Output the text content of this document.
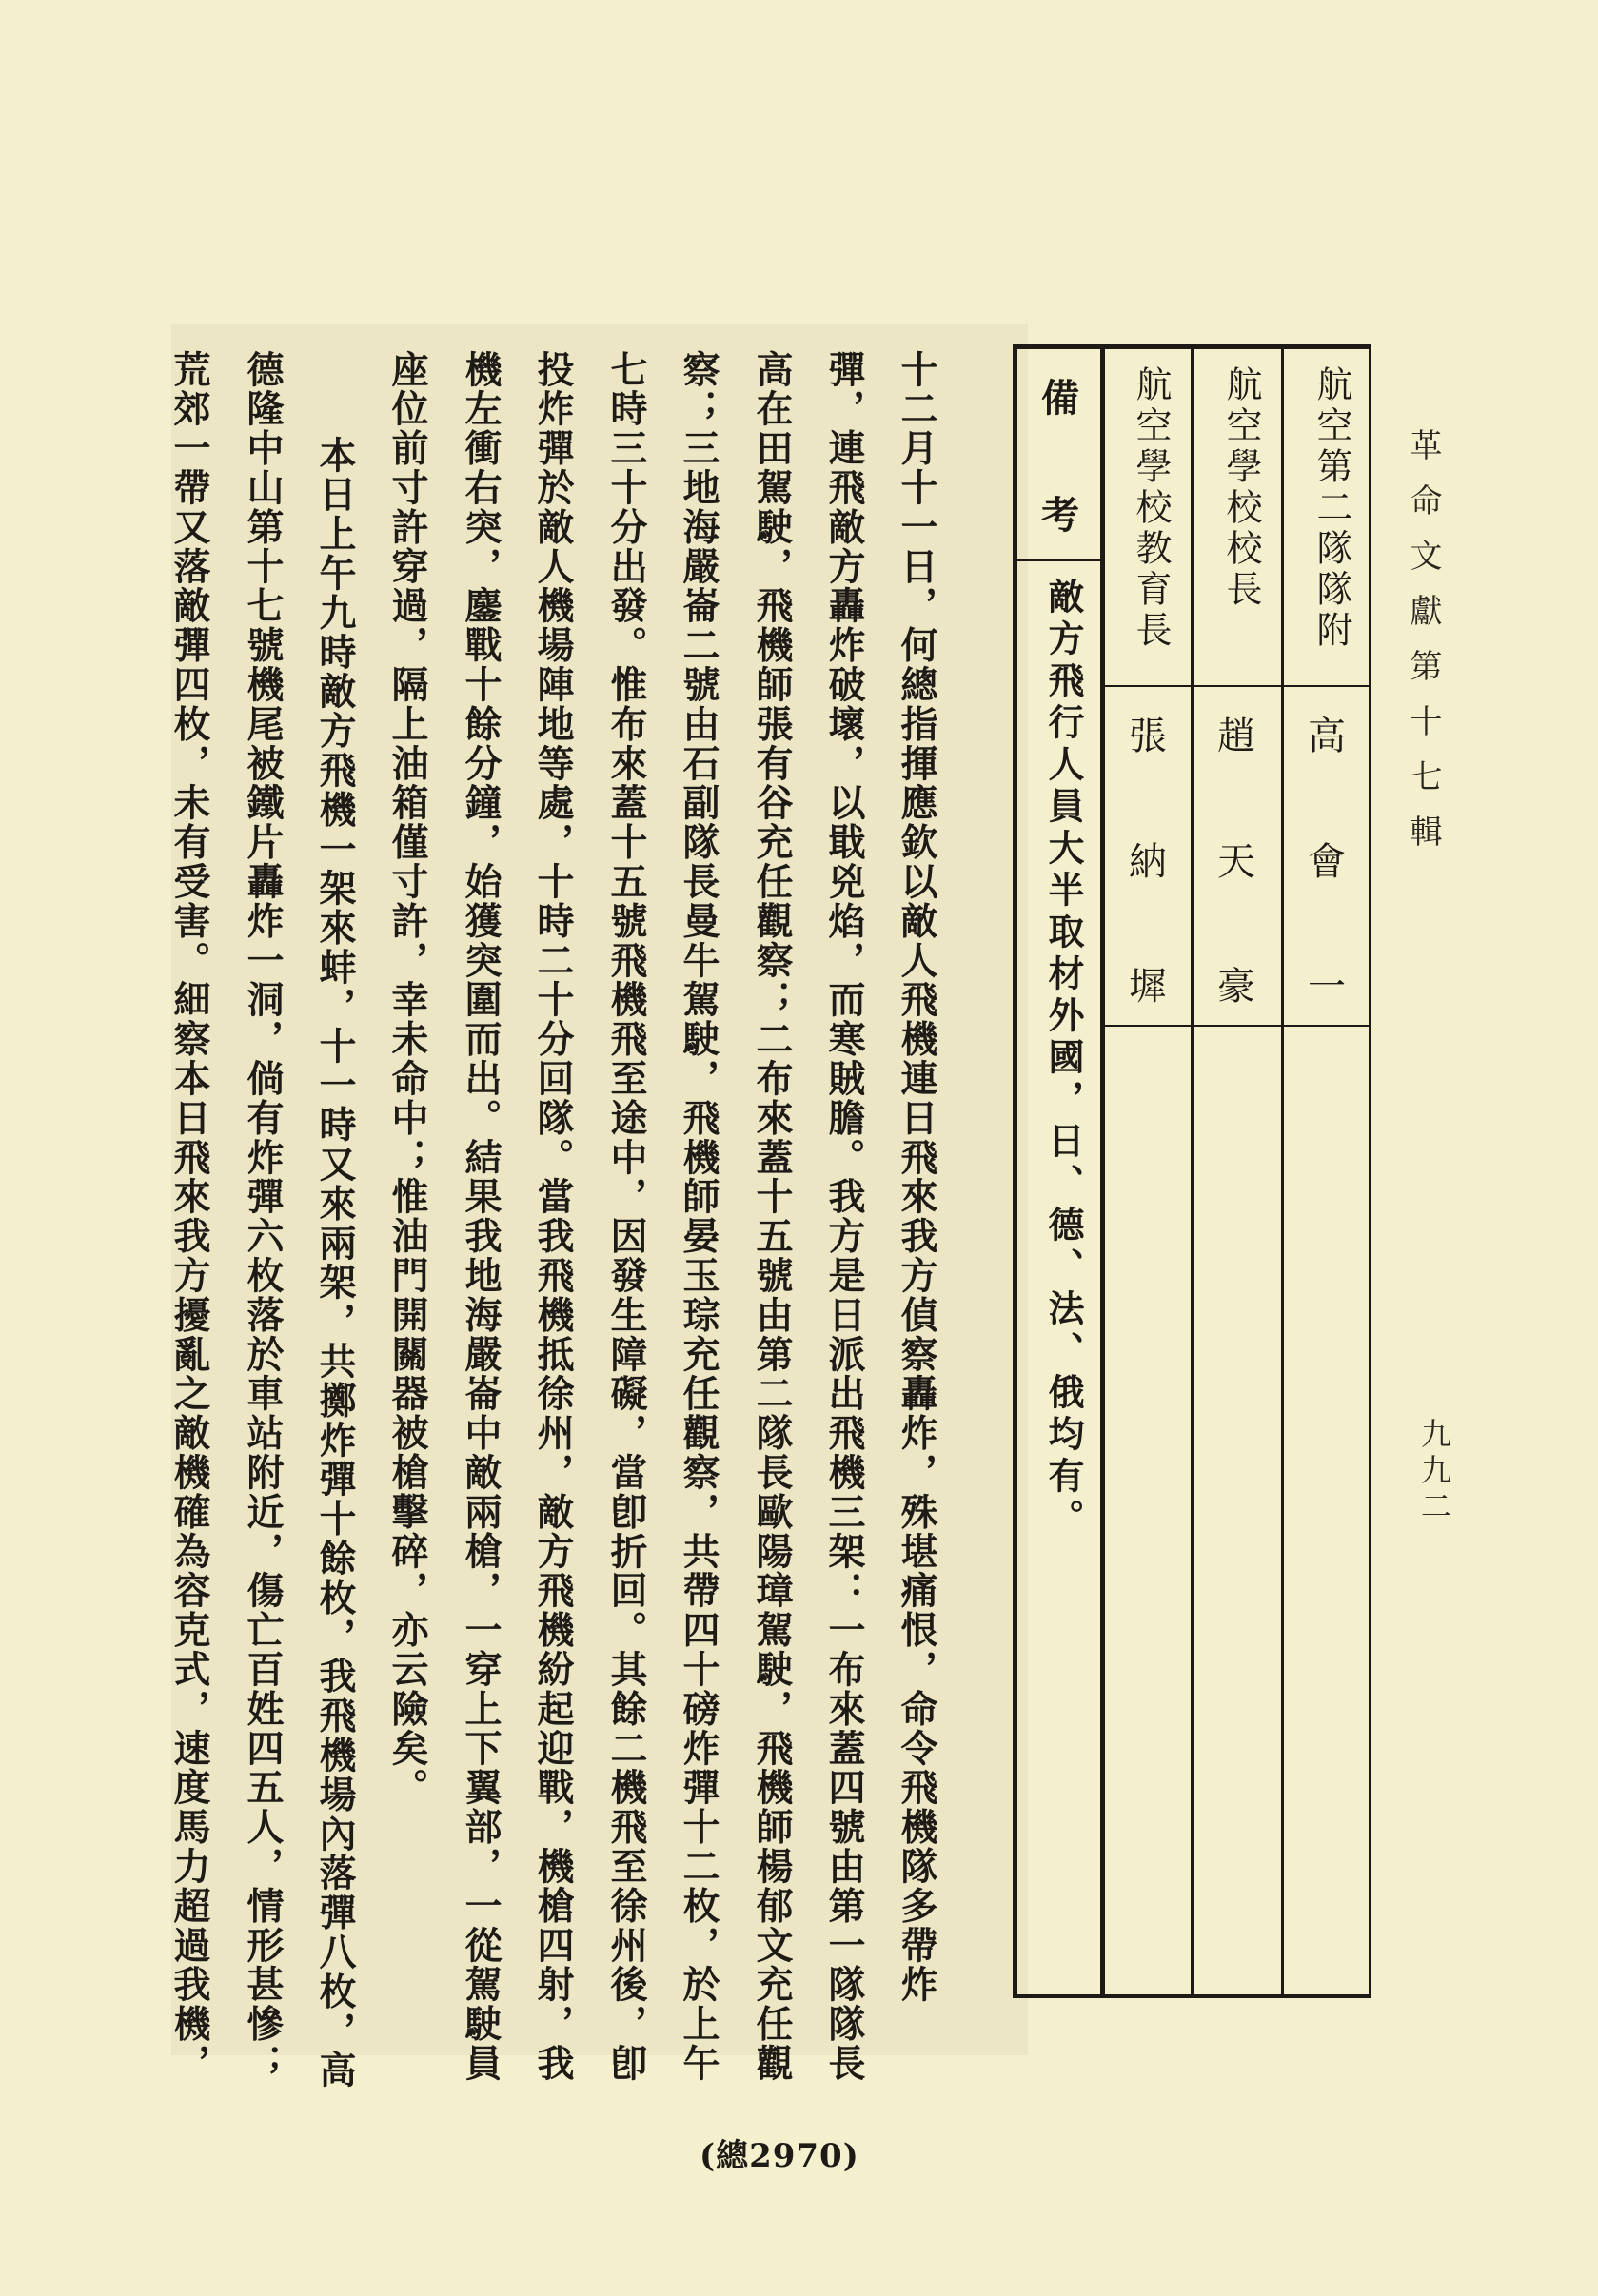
革命文獻第十七輯
九九二
航空第二隊隊附
高
會
一
航空學校校長
趙
天
豪
航空學校教育長
張
納
墀
備
考
敵方飛行人員大半取材外國，日、德、法、俄均有。
十二月十一日，何總指揮應欽以敵人飛機連日飛來我方偵察轟炸，殊堪痛恨，命令飛機隊多帶炸
彈，連飛敵方轟炸破壞，以戢兇焰，而寒賊膽。我方是日派出飛機三架：一布來蓋四號由第一隊隊長
高在田駕駛，飛機師張有谷充任觀察；二布來蓋十五號由第二隊長歐陽璋駕駛，飛機師楊郁文充任觀
察；三地海嚴崙二號由石副隊長曼牛駕駛，飛機師晏玉琮充任觀察，共帶四十磅炸彈十二枚，於上午
七時三十分出發。惟布來蓋十五號飛機飛至途中，因發生障礙，當卽折回。其餘二機飛至徐州後，卽
投炸彈於敵人機場陣地等處，十時二十分回隊。當我飛機抵徐州，敵方飛機紛起迎戰，機槍四射，我
機左衝右突，鏖戰十餘分鐘，始獲突圍而出。結果我地海嚴崙中敵兩槍，一穿上下翼部，一從駕駛員
座位前寸許穿過，隔上油箱僅寸許，幸未命中；惟油門開關器被槍擊碎，亦云險矣。
本日上午九時敵方飛機一架來蚌，十一時又來兩架，共擲炸彈十餘枚，我飛機場內落彈八枚，高
德隆中山第十七號機尾被鐵片轟炸一洞，倘有炸彈六枚落於車站附近，傷亡百姓四五人，情形甚慘；
荒郊一帶又落敵彈四枚，未有受害。細察本日飛來我方擾亂之敵機確為容克式，速度馬力超過我機，
(總2970)
